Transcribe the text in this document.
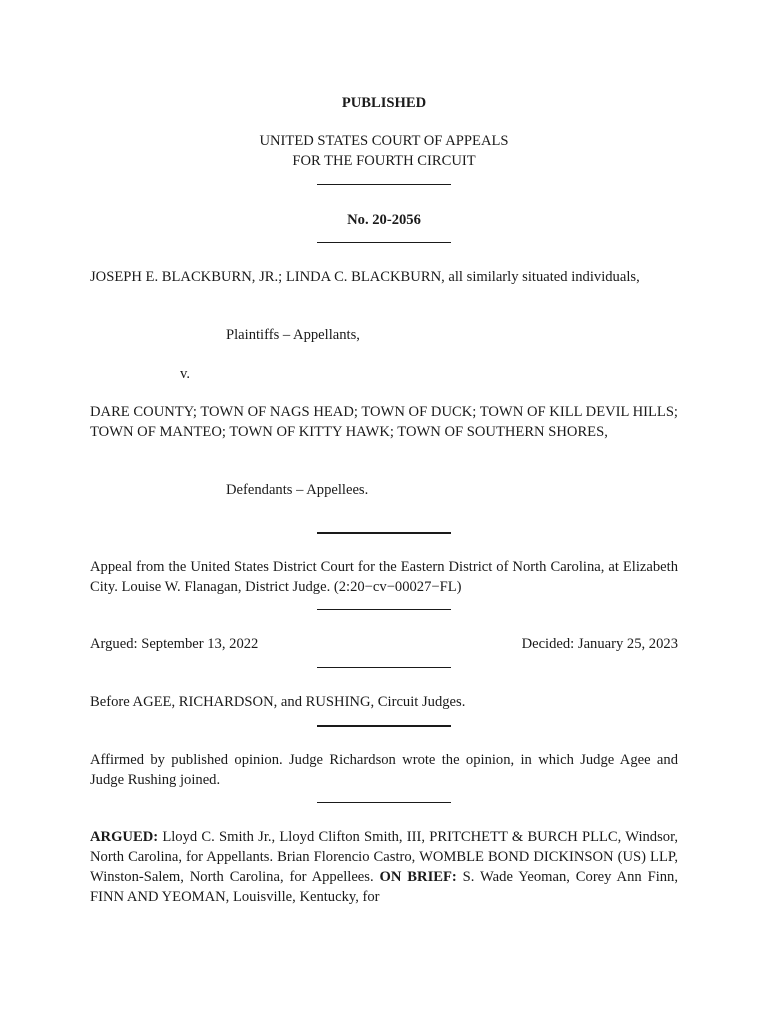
PUBLISHED
UNITED STATES COURT OF APPEALS
FOR THE FOURTH CIRCUIT
No. 20-2056
JOSEPH E. BLACKBURN, JR.; LINDA C. BLACKBURN, all similarly situated individuals,
Plaintiffs – Appellants,
v.
DARE COUNTY; TOWN OF NAGS HEAD; TOWN OF DUCK; TOWN OF KILL DEVIL HILLS; TOWN OF MANTEO; TOWN OF KITTY HAWK; TOWN OF SOUTHERN SHORES,
Defendants – Appellees.
Appeal from the United States District Court for the Eastern District of North Carolina, at Elizabeth City. Louise W. Flanagan, District Judge. (2:20−cv−00027−FL)
Argued: September 13, 2022	Decided: January 25, 2023
Before AGEE, RICHARDSON, and RUSHING, Circuit Judges.
Affirmed by published opinion. Judge Richardson wrote the opinion, in which Judge Agee and Judge Rushing joined.
ARGUED: Lloyd C. Smith Jr., Lloyd Clifton Smith, III, PRITCHETT & BURCH PLLC, Windsor, North Carolina, for Appellants. Brian Florencio Castro, WOMBLE BOND DICKINSON (US) LLP, Winston-Salem, North Carolina, for Appellees. ON BRIEF: S. Wade Yeoman, Corey Ann Finn, FINN AND YEOMAN, Louisville, Kentucky, for
